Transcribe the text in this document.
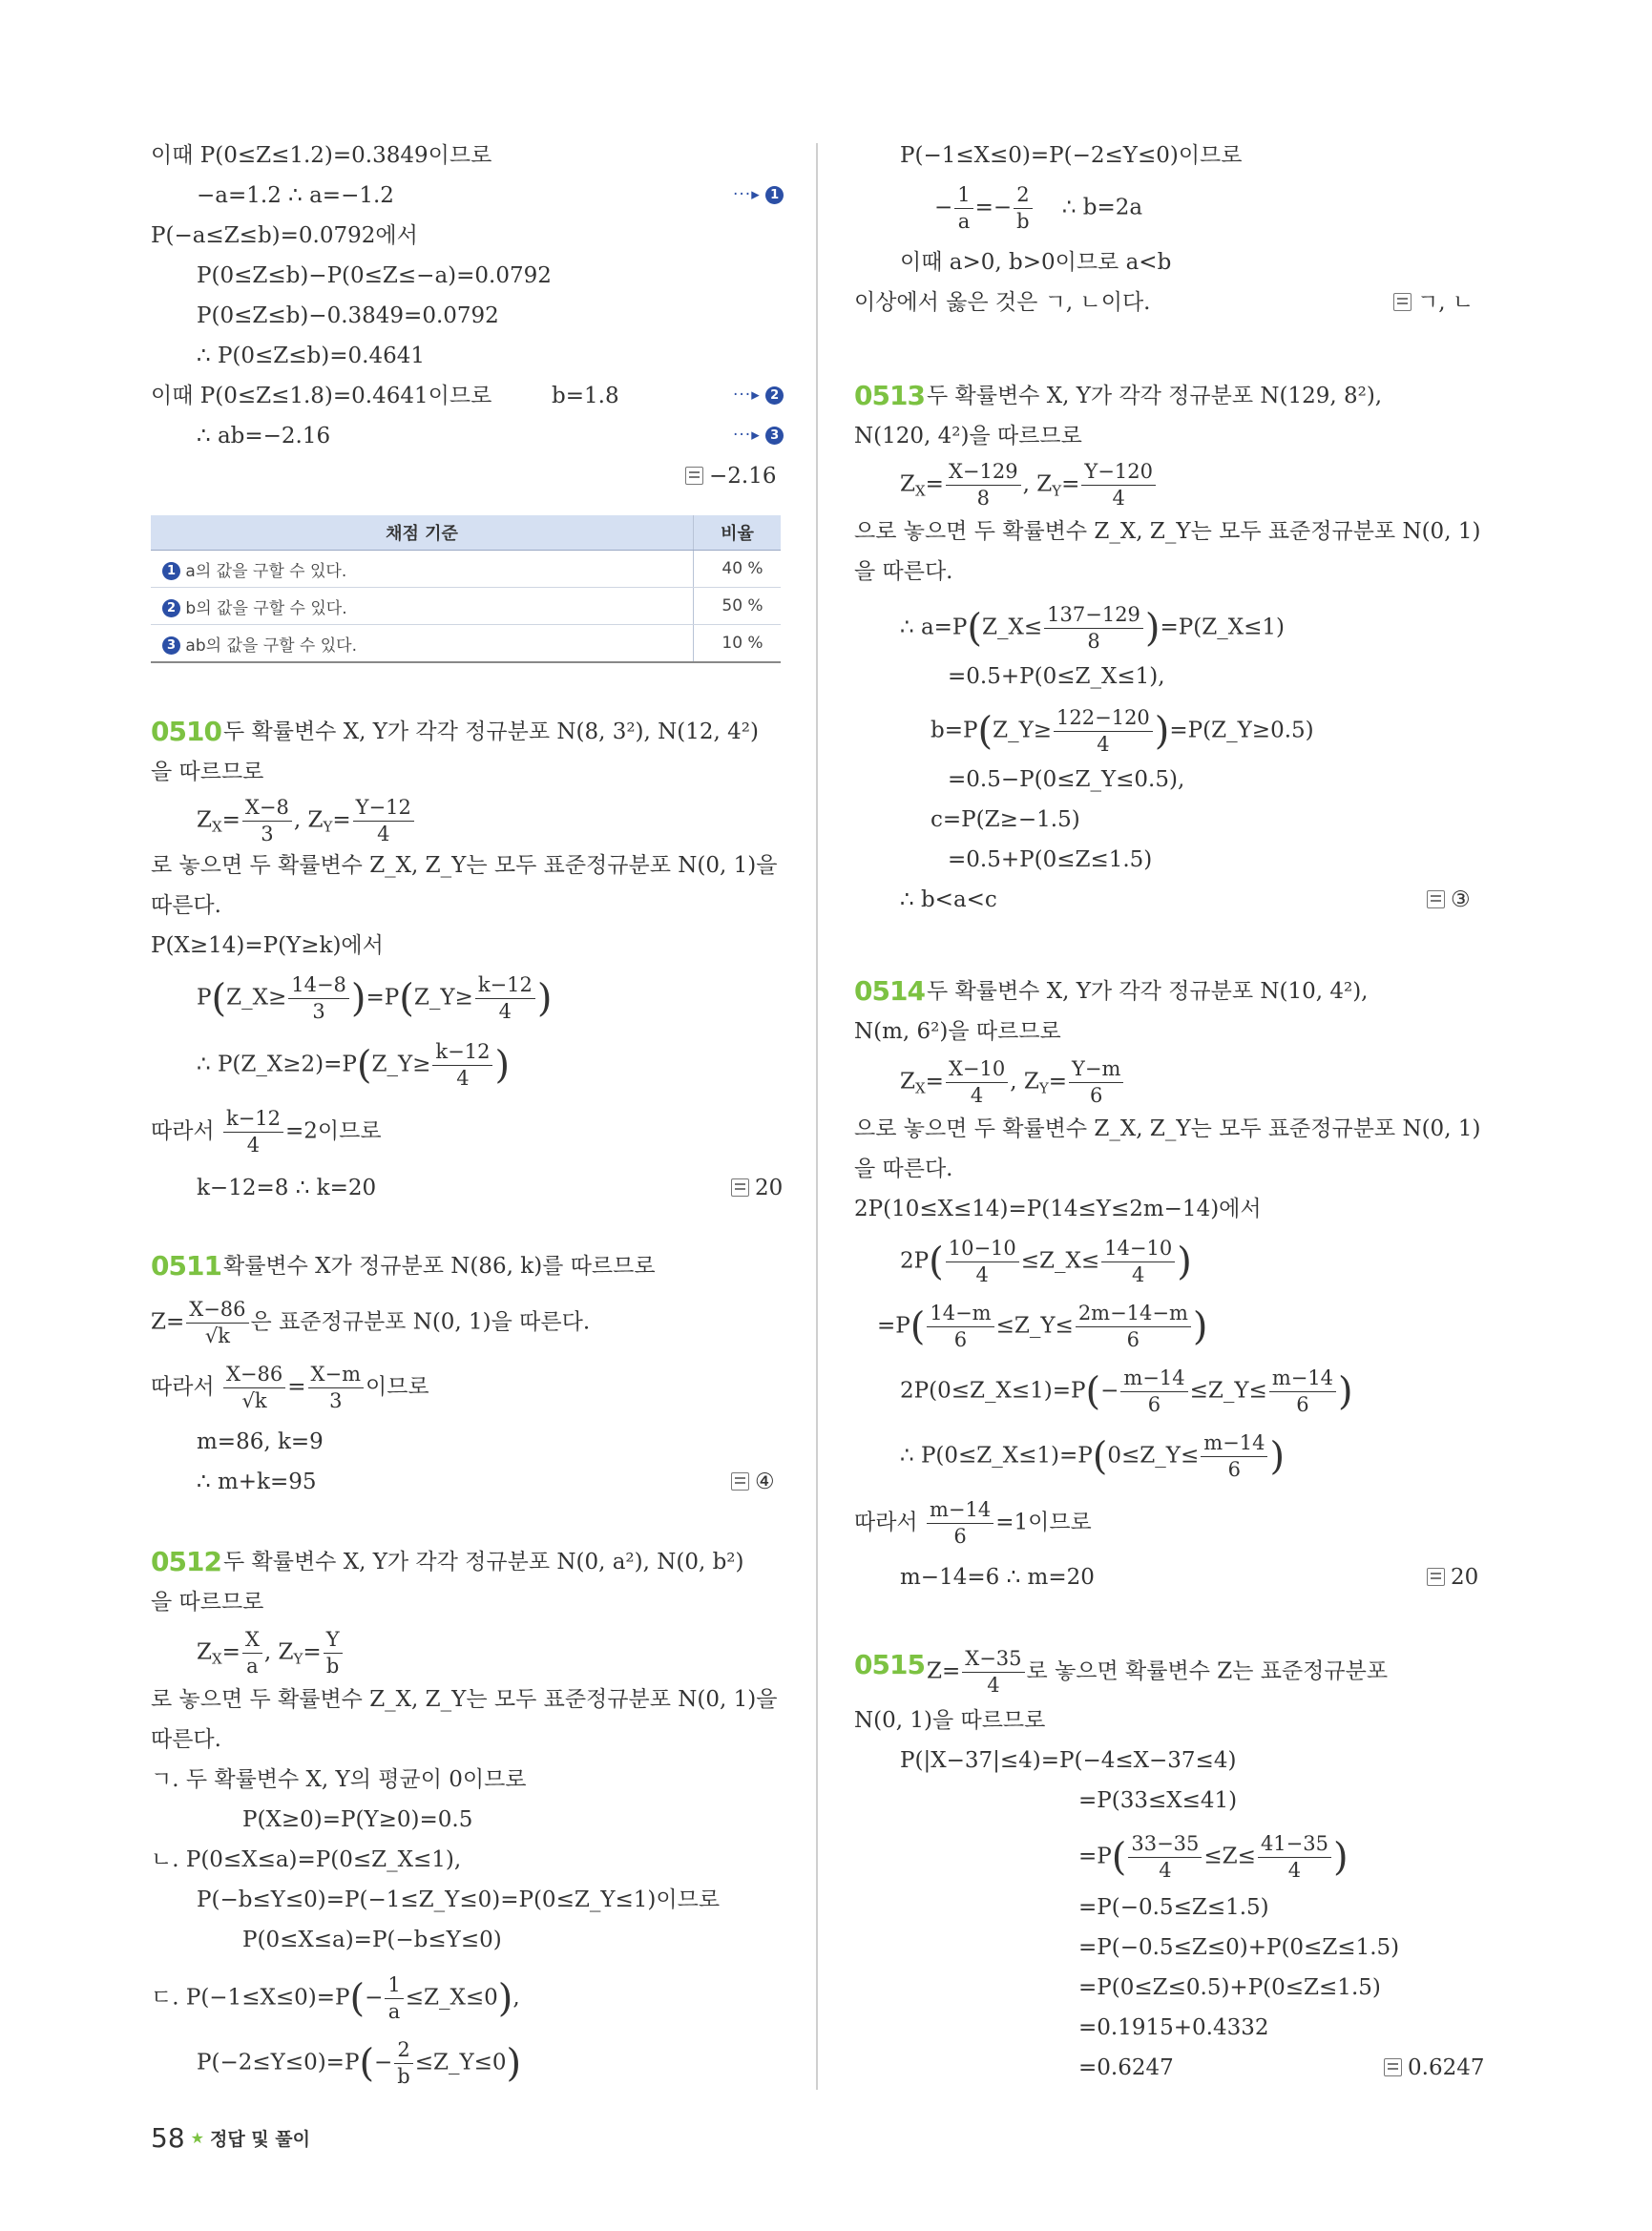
이때 P(0≤Z≤1.2)=0.3849이므로
−a=1.2 ∴ a=−1.2	···▸ 1
P(−a≤Z≤b)=0.0792에서
P(0≤Z≤b)−P(0≤Z≤−a)=0.0792
P(0≤Z≤b)−0.3849=0.0792
∴ P(0≤Z≤b)=0.4641
이때 P(0≤Z≤1.8)=0.4641이므로	b=1.8	···▸ 2
∴ ab=−2.16	···▸ 3
−2.16
채점 기준	비율
1 a의 값을 구할 수 있다.	40 %
2 b의 값을 구할 수 있다.	50 %
3 ab의 값을 구할 수 있다.	10 %
0510 두 확률변수 X, Y가 각각 정규분포 N(8, 3²), N(12, 4²)
을 따르므로
$Z_X= \frac{X-8}{3}$ , $Z_Y= \frac{Y-12}{4}$
로 놓으면 두 확률변수 Z_X, Z_Y는 모두 표준정규분포 N(0, 1)을
따른다.
P(X≥14)=P(Y≥k)에서
P(Z_X≥ $\frac{14-8}{3}$ )=P(Z_Y≥ $\frac{k-12}{4}$ )
∴ P(Z_X≥2)=P(Z_Y≥ $\frac{k-12}{4}$ )
따라서 $\frac{k-12}{4} =2$이므로
k−12=8 ∴ k=20	20
0511 확률변수 X가 정규분포 N(86, k)를 따르므로
$Z= \frac{X-86}{√k}$ 은 표준정규분포 N(0, 1)을 따른다.
따라서 $\frac{X-86}{√k} = \frac{X-m}{3}$ 이므로
m=86, k=9
∴ m+k=95	④
0512 두 확률변수 X, Y가 각각 정규분포 N(0, a²), N(0, b²)
을 따르므로
$Z_X= \frac{X}{a}$ , $Z_Y= \frac{Y}{b}$
로 놓으면 두 확률변수 Z_X, Z_Y는 모두 표준정규분포 N(0, 1)을
따른다.
ㄱ. 두 확률변수 X, Y의 평균이 0이므로
P(X≥0)=P(Y≥0)=0.5
ㄴ. P(0≤X≤a)=P(0≤Z_X≤1),
P(−b≤Y≤0)=P(−1≤Z_Y≤0)=P(0≤Z_Y≤1)이므로
P(0≤X≤a)=P(−b≤Y≤0)
ㄷ. $P(-1\le X\le 0)=P(- \frac{1}{a}$ ≤Z_X≤0),
$P(-2\le Y\le 0)=P(- \frac{2}{b}$ ≤Z_Y≤0)
P(−1≤X≤0)=P(−2≤Y≤0)이므로
− $\frac{1}{a} =- \frac{2}{b}$ ∴ b=2a
이때 a>0, b>0이므로 a<b
이상에서 옳은 것은 ㄱ, ㄴ이다.	ㄱ, ㄴ
0513 두 확률변수 X, Y가 각각 정규분포 N(129, 8²),
N(120, 4²)을 따르므로
$Z_X= \frac{X-129}{8}$ , $Z_Y= \frac{Y-120}{4}$
으로 놓으면 두 확률변수 Z_X, Z_Y는 모두 표준정규분포 N(0, 1)
을 따른다.
∴ a=P(Z_X≤ $\frac{137-129}{8}$ )=P(Z_X≤1)
=0.5+P(0≤Z_X≤1),
b=P(Z_Y≥ $\frac{122-120}{4}$ )=P(Z_Y≥0.5)
=0.5−P(0≤Z_Y≤0.5),
c=P(Z≥−1.5)
=0.5+P(0≤Z≤1.5)
∴ b<a<c	③
0514 두 확률변수 X, Y가 각각 정규분포 N(10, 4²),
N(m, 6²)을 따르므로
$Z_X= \frac{X-10}{4}$ , $Z_Y= \frac{Y-m}{6}$
으로 놓으면 두 확률변수 Z_X, Z_Y는 모두 표준정규분포 N(0, 1)
을 따른다.
2P(10≤X≤14)=P(14≤Y≤2m−14)에서
$2P( \frac{10-10}{4}$ ≤Z_X≤ $\frac{14-10}{4}$ )
$=P( \frac{14-m}{6}$ ≤Z_Y≤ $\frac{2m-14-m}{6}$ )
2P(0≤Z_X≤1)=P(− $\frac{m-14}{6}$ ≤Z_Y≤ $\frac{m-14}{6}$ )
∴ P(0≤Z_X≤1)=P(0≤Z_Y≤ $\frac{m-14}{6}$ )
따라서 $\frac{m-14}{6} =1$이므로
m−14=6 ∴ m=20	20
0515 $Z= \frac{X-35}{4}$ 로 놓으면 확률변수 Z는 표준정규분포
N(0, 1)을 따르므로
P(|X−37|≤4)=P(−4≤X−37≤4)
=P(33≤X≤41)
$=P( \frac{33-35}{4} \le Z\le \frac{41-35}{4}$ )
=P(−0.5≤Z≤1.5)
=P(−0.5≤Z≤0)+P(0≤Z≤1.5)
=P(0≤Z≤0.5)+P(0≤Z≤1.5)
=0.1915+0.4332
=0.6247	0.6247
58 ★ 정답 및 풀이
